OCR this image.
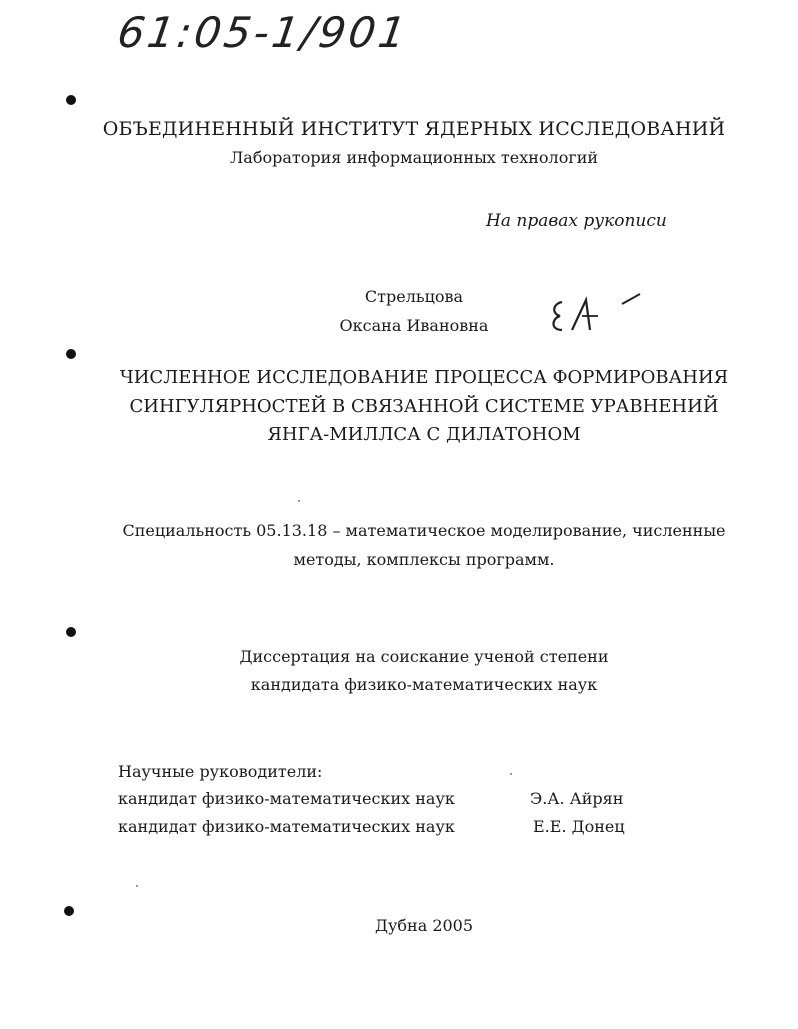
61:05-1/901
ОБЪЕДИНЕННЫЙ ИНСТИТУТ ЯДЕРНЫХ ИССЛЕДОВАНИЙ
Лаборатория информационных технологий
На правах рукописи
Стрельцова
Оксана Ивановна
ЧИСЛЕННОЕ ИССЛЕДОВАНИЕ ПРОЦЕССА ФОРМИРОВАНИЯ
СИНГУЛЯРНОСТЕЙ В СВЯЗАННОЙ СИСТЕМЕ УРАВНЕНИЙ
ЯНГА-МИЛЛСА С ДИЛАТОНОМ
Специальность 05.13.18 – математическое моделирование, численные
методы, комплексы программ.
Диссертация на соискание ученой степени
кандидата физико-математических наук
Научные руководители:
кандидат физико-математических наук	Э.А. Айрян
кандидат физико-математических наук	Е.Е. Донец
Дубна 2005
